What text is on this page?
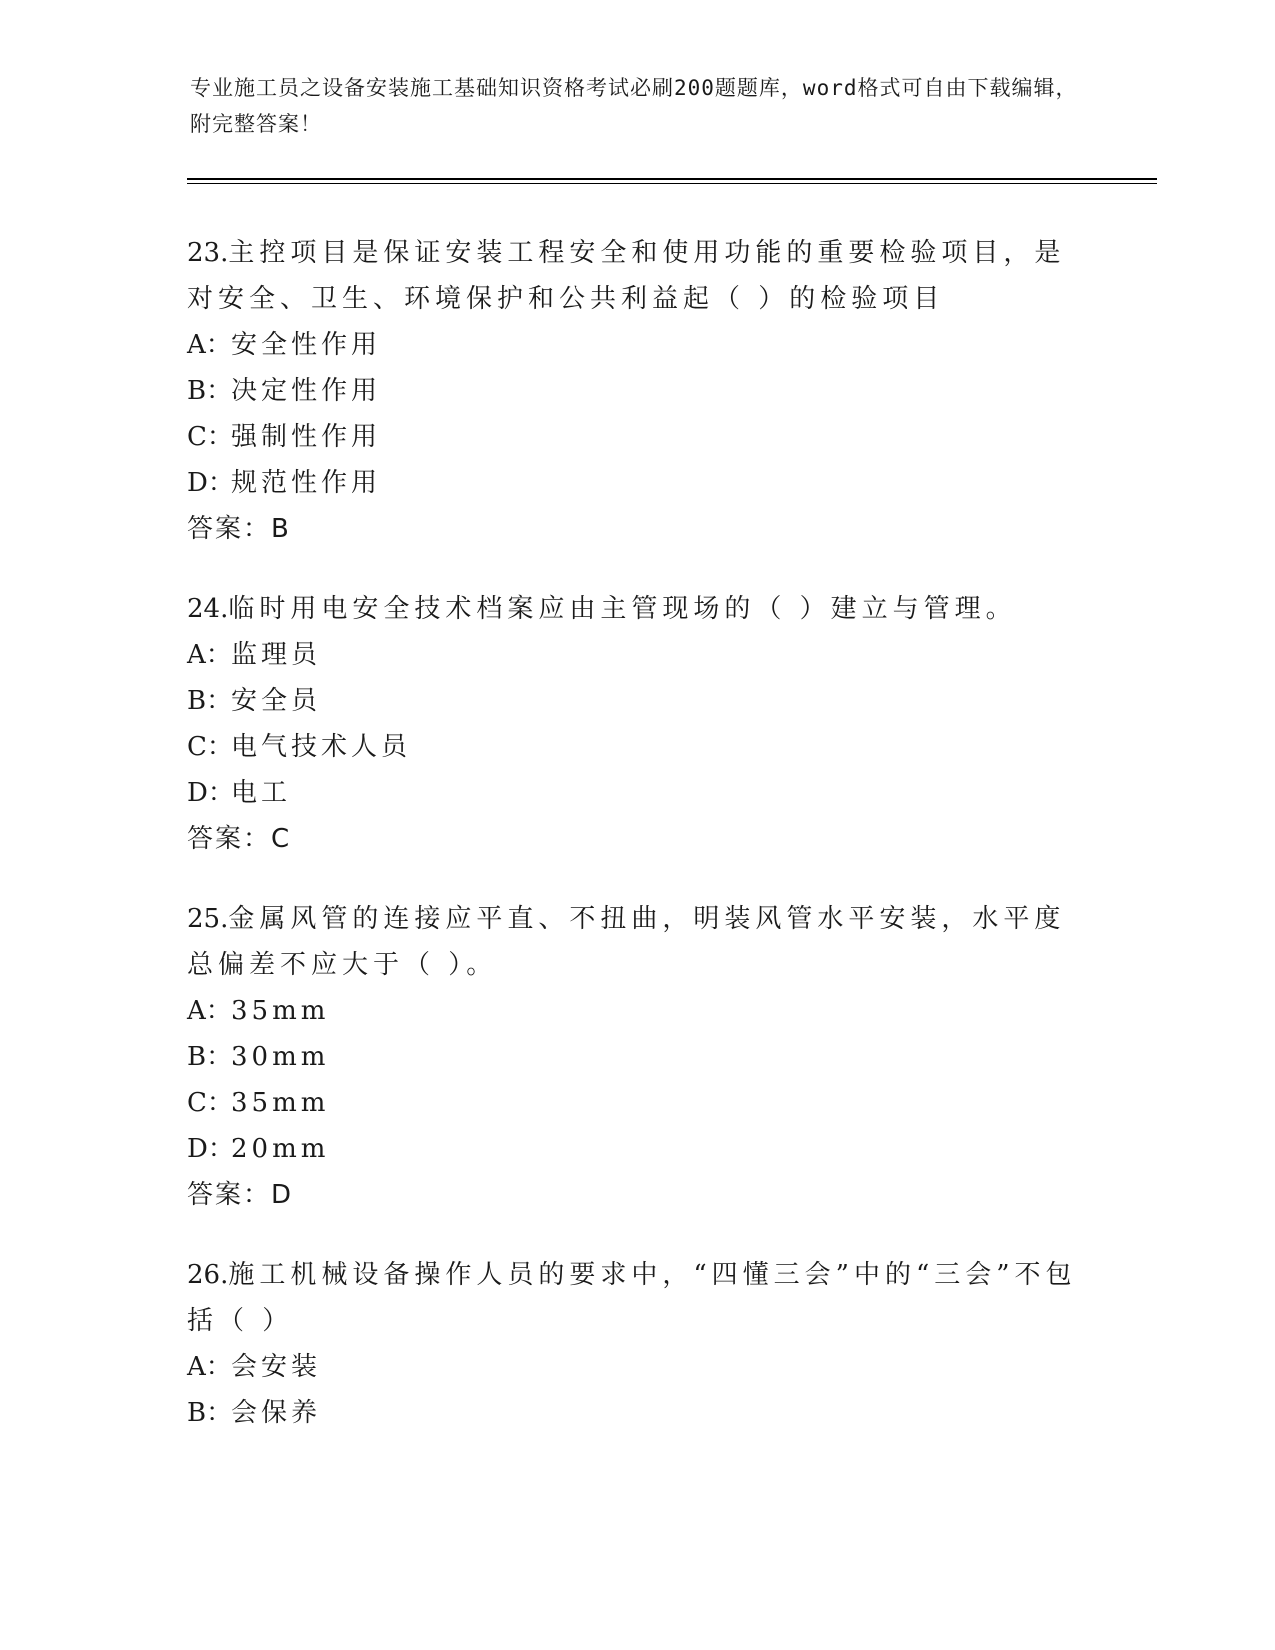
专业施工员之设备安装施工基础知识资格考试必刷200题题库，word格式可自由下载编辑，附完整答案！
23.主控项目是保证安装工程安全和使用功能的重要检验项目，是对安全、卫生、环境保护和公共利益起（ ）的检验项目
A：安全性作用
B：决定性作用
C：强制性作用
D：规范性作用
答案：B
24.临时用电安全技术档案应由主管现场的（ ）建立与管理。
A：监理员
B：安全员
C：电气技术人员
D：电工
答案：C
25.金属风管的连接应平直、不扭曲，明装风管水平安装，水平度总偏差不应大于（ ）。
A：35mm
B：30mm
C：35mm
D：20mm
答案：D
26.施工机械设备操作人员的要求中，“四懂三会”中的“三会”不包括（ ）
A：会安装
B：会保养
